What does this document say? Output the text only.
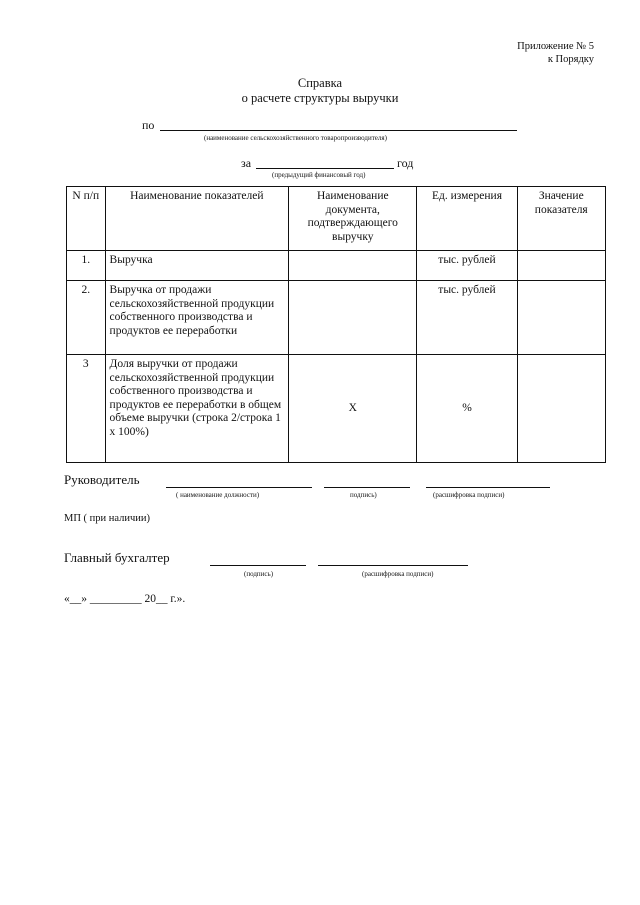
Приложение № 5
к Порядку
Справка
о расчете структуры выручки
по
(наименование сельскохозяйственного товаропроизводителя)
за	год
(предыдущий финансовый год)
N п/п	Наименование показателей	Наименование документа, подтверждающего выручку	Ед. измерения	Значение показателя
1.	Выручка		тыс. рублей	
2.	Выручка от продажи сельскохозяйственной продукции собственного производства и продуктов ее переработки		тыс. рублей	
3	Доля выручки от продажи сельскохозяйственной продукции собственного производства и продуктов ее переработки в общем объеме выручки (строка 2/строка 1 x 100%)	X	%	
Руководитель
( наименование должности)	подпись)	(расшифровка подписи)
МП ( при наличии)
Главный бухгалтер
(подпись)	(расшифровка подписи)
«__» _________ 20__ г.».
